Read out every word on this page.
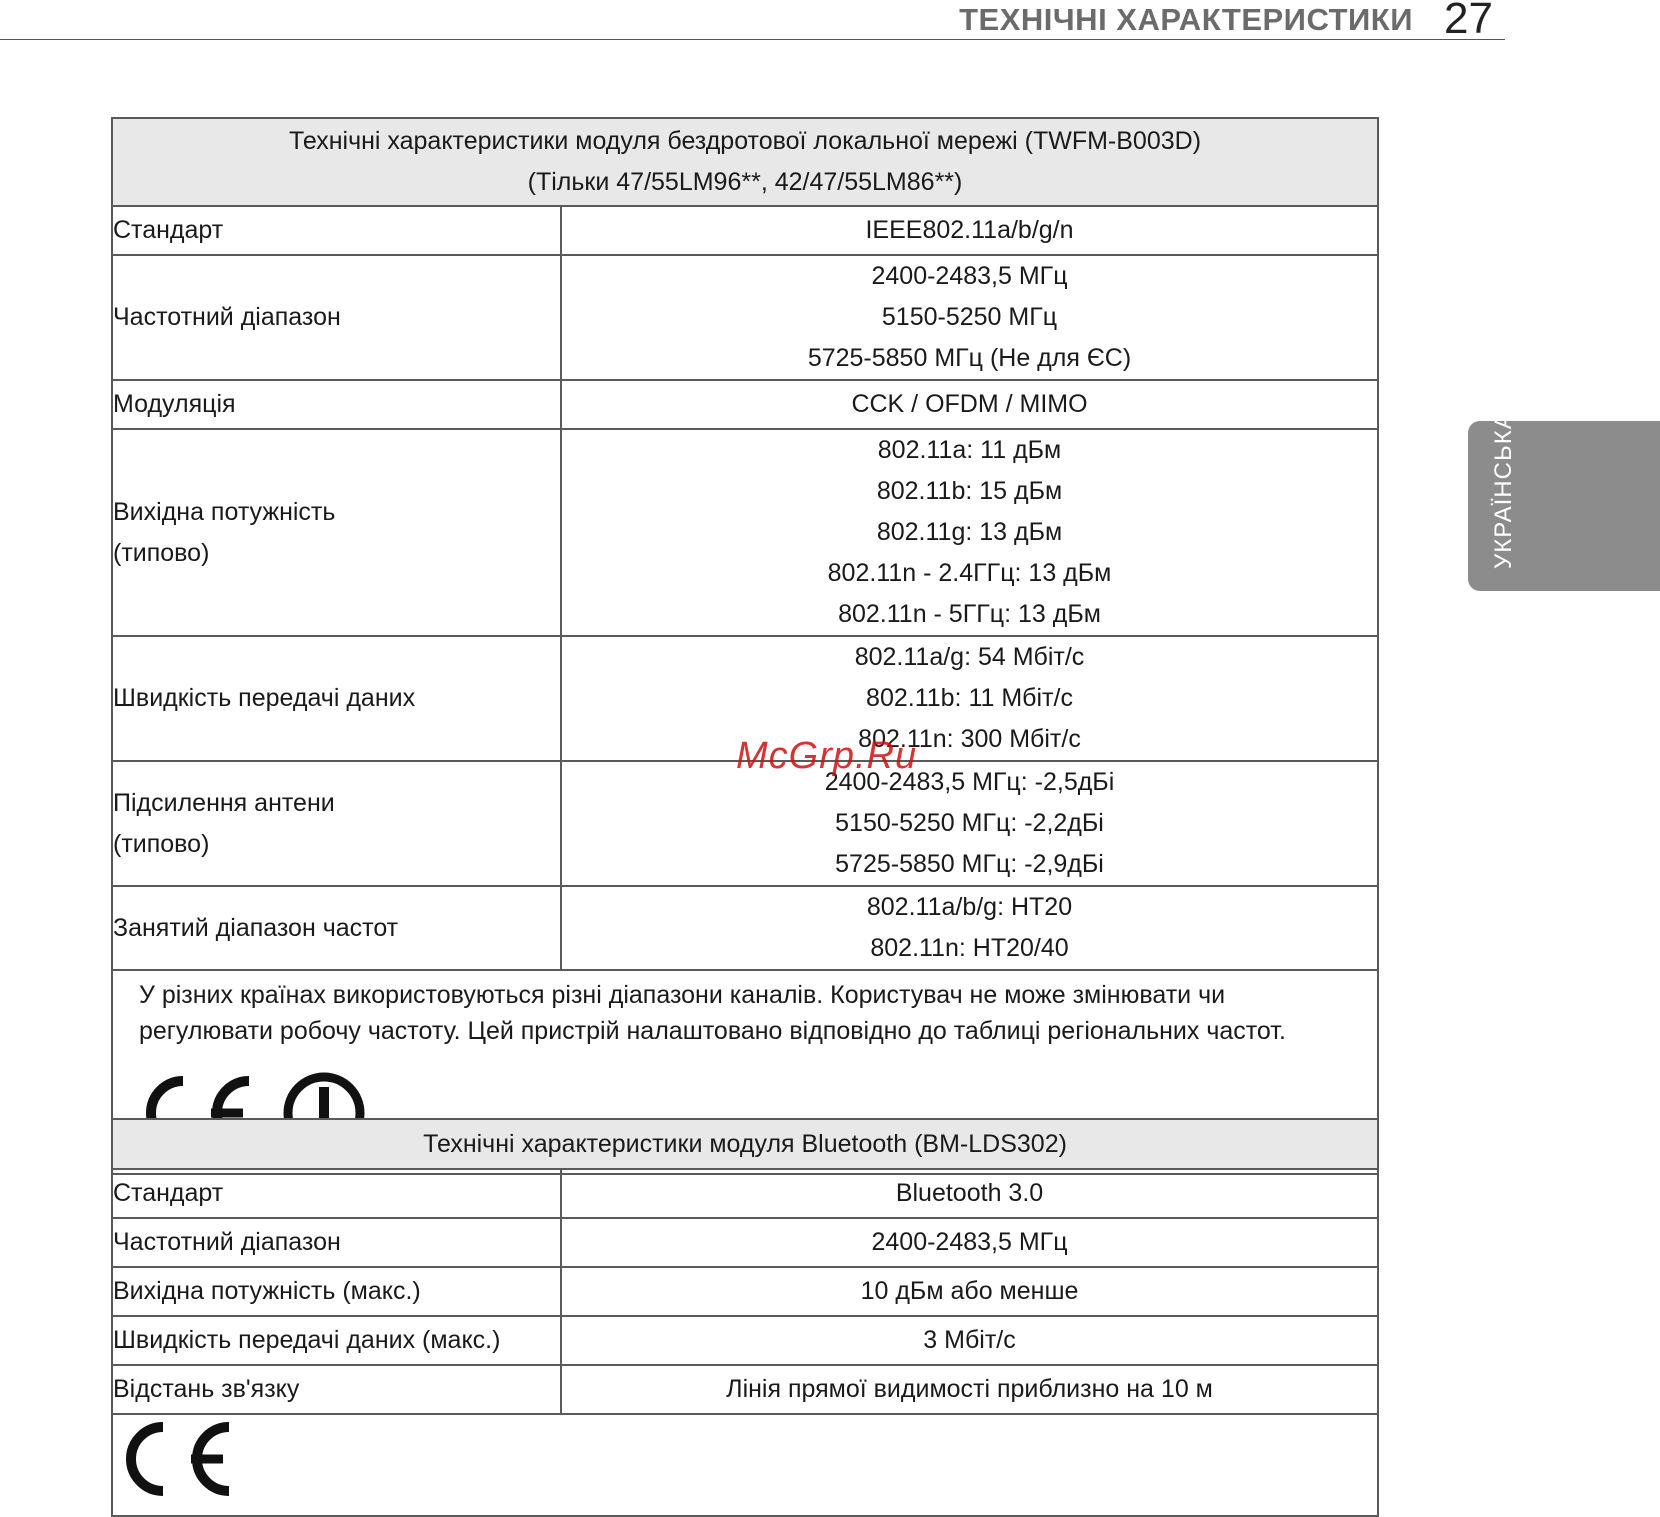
ТЕХНІЧНІ ХАРАКТЕРИСТИКИ 27
УКРАЇНСЬКА
Технічні характеристики модуля бездротової локальної мережі (TWFM-B003D)
(Тільки 47/55LM96**, 42/47/55LM86**)	

Стандарт	IEEE802.11a/b/g/n

Частотний діапазон	2400-2483,5 МГц
5150-5250 МГц
5725-5850 МГц (Не для ЄС)

Модуляція	CCK / OFDM / MIMO

Вихідна потужність
(типово)	802.11a: 11 дБм
802.11b: 15 дБм
802.11g: 13 дБм
802.11n - 2.4ГГц: 13 дБм
802.11n - 5ГГц: 13 дБм

Швидкість передачі даних	802.11a/g: 54 Мбіт/с
802.11b: 11 Мбіт/с
802.11n: 300 Мбіт/с

Підсилення антени
(типово)	2400-2483,5 МГц: -2,5дБі
5150-5250 МГц: -2,2дБі
5725-5850 МГц: -2,9дБі

Занятий діапазон частот	802.11a/b/g: HT20
802.11n: HT20/40

У різних країнах використовуються різні діапазони каналів. Користувач не може змінювати чи регулювати робочу частоту. Цей пристрій налаштовано відповідно до таблиці регіональних частот.	

Технічні характеристики модуля Bluetooth (BM-LDS302)	

Стандарт	Bluetooth 3.0

Частотний діапазон	2400-2483,5 МГц

Вихідна потужність (макс.)	10 дБм або менше

Швидкість передачі даних (макс.)	3 Мбіт/с

Відстань зв'язку	Лінія прямої видимості приблизно на 10 м

McGrp.Ru
